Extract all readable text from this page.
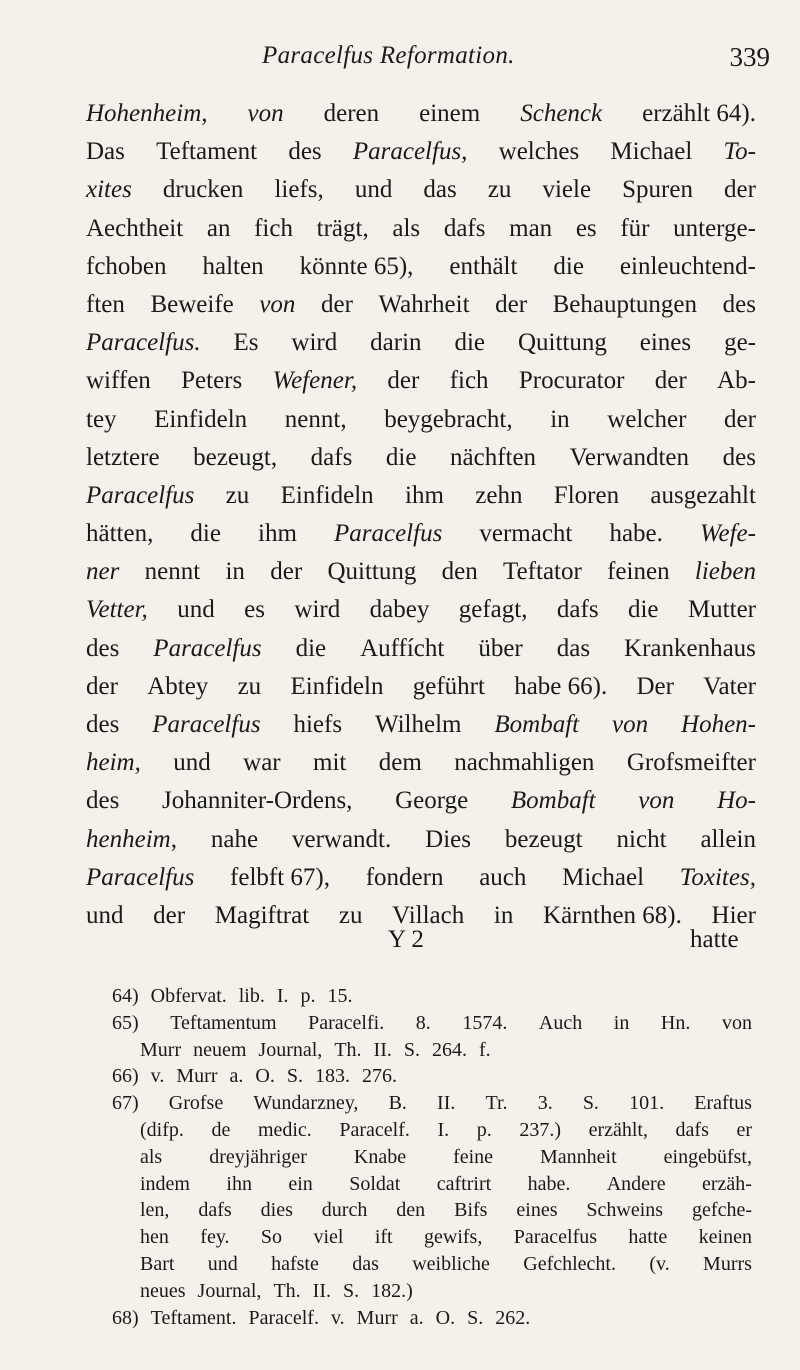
Paracelfus Reformation.	339
Hohenheim, von deren einem Schenck erzählt 64).
Das Teftament des Paracelfus, welches Michael To-
xites drucken liefs, und das zu viele Spuren der
Aechtheit an fich trägt, als dafs man es für unterge-
fchoben halten könnte 65), enthält die einleuchtend-
ften Beweife von der Wahrheit der Behauptungen des
Paracelfus. Es wird darin die Quittung eines ge-
wiffen Peters Wefener, der fich Procurator der Ab-
tey Einfideln nennt, beygebracht, in welcher der
letztere bezeugt, dafs die nächften Verwandten des
Paracelfus zu Einfideln ihm zehn Floren ausgezahlt
hätten, die ihm Paracelfus vermacht habe. Wefe-
ner nennt in der Quittung den Teftator feinen lieben
Vetter, und es wird dabey gefagt, dafs die Mutter
des Paracelfus die Auffícht über das Krankenhaus
der Abtey zu Einfideln geführt habe 66). Der Vater
des Paracelfus hiefs Wilhelm Bombaft von Hohen-
heim, und war mit dem nachmahligen Grofsmeifter
des Johanniter-Ordens, George Bombaft von Ho-
henheim, nahe verwandt. Dies bezeugt nicht allein
Paracelfus felbft 67), fondern auch Michael Toxites,
und der Magiftrat zu Villach in Kärnthen 68). Hier
Y 2	hatte
64) Obfervat. lib. I. p. 15.
65) Teftamentum Paracelfi. 8. 1574. Auch in Hn. von
Murr neuem Journal, Th. II. S. 264. f.
66) v. Murr a. O. S. 183. 276.
67) Grofse Wundarzney, B. II. Tr. 3. S. 101. Eraftus
(difp. de medic. Paracelf. I. p. 237.) erzählt, dafs er
als dreyjähriger Knabe feine Mannheit eingebüfst,
indem ihn ein Soldat caftrirt habe. Andere erzäh-
len, dafs dies durch den Bifs eines Schweins gefche-
hen fey. So viel ift gewifs, Paracelfus hatte keinen
Bart und hafste das weibliche Gefchlecht. (v. Murrs
neues Journal, Th. II. S. 182.)
68) Teftament. Paracelf. v. Murr a. O. S. 262.
